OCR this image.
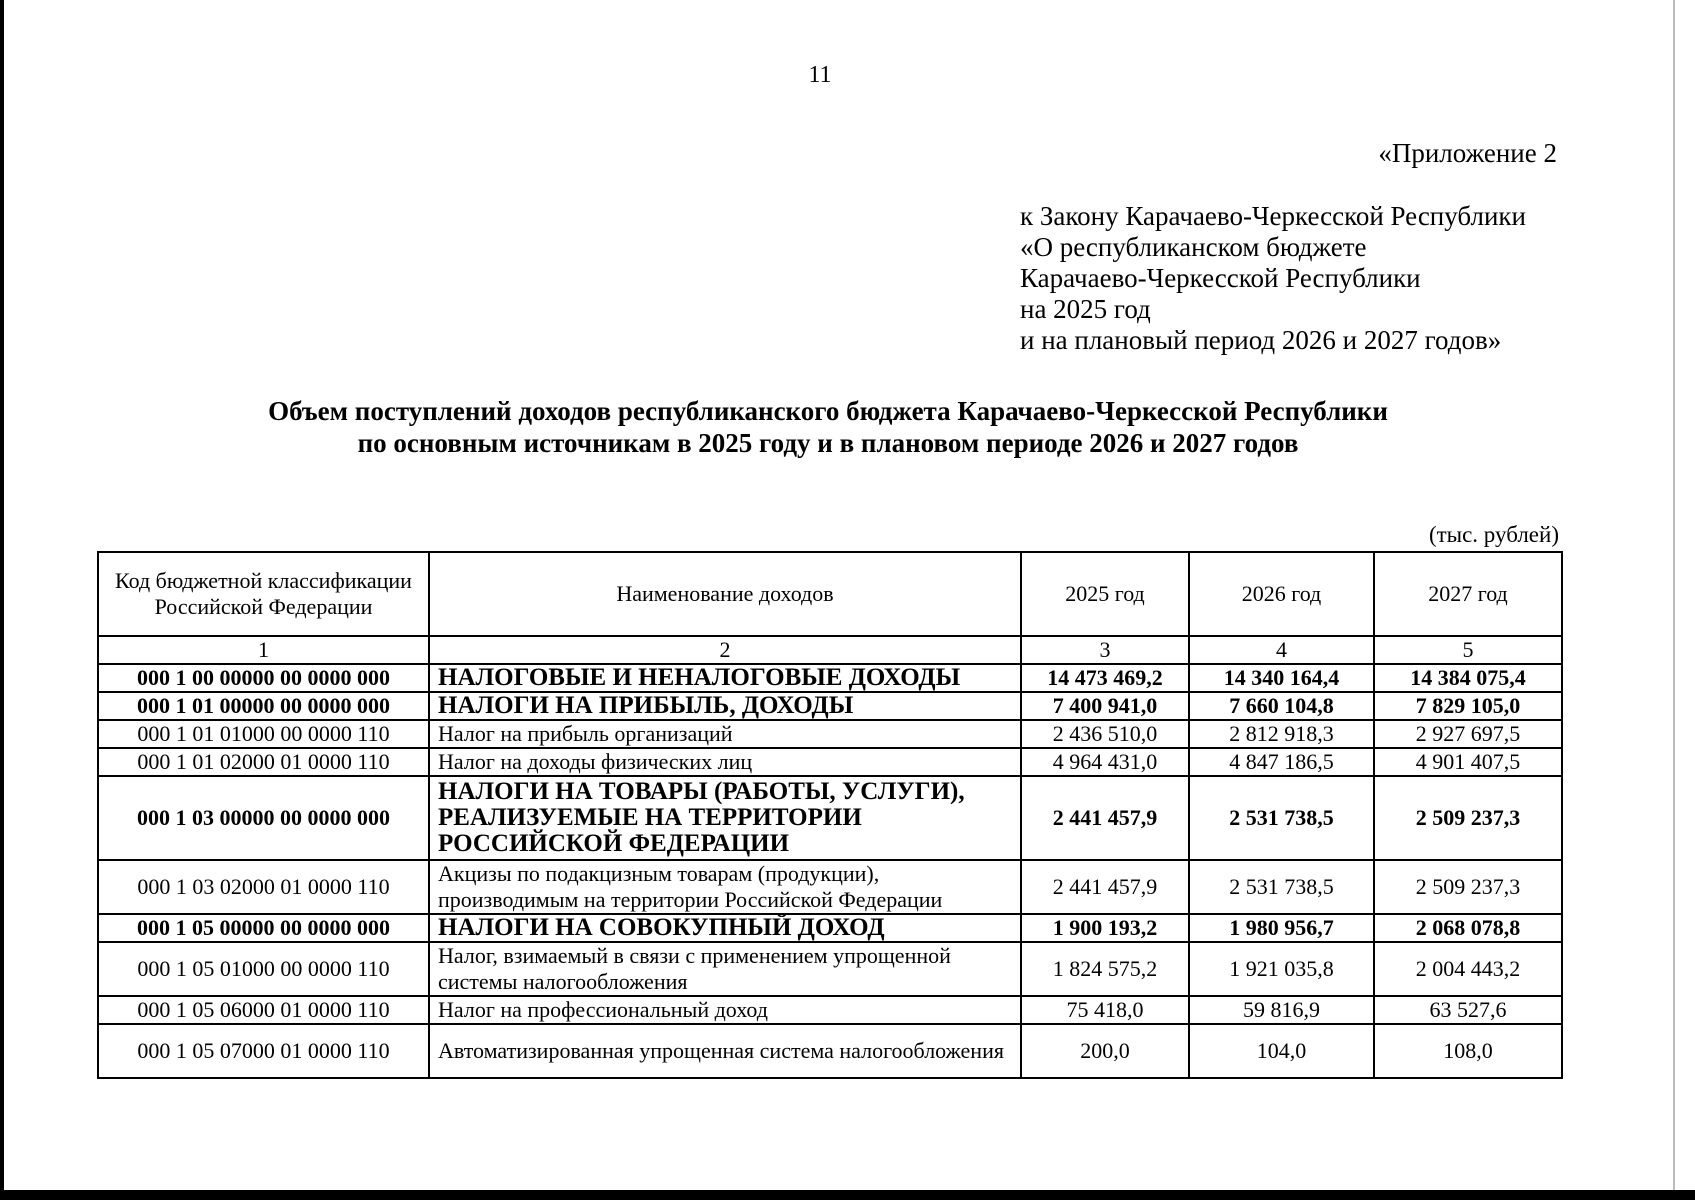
11
«Приложение 2
к Закону Карачаево-Черкесской Республики
«О республиканском бюджете
Карачаево-Черкесской Республики
на 2025 год
и на плановый период 2026 и 2027 годов»
Объем поступлений доходов республиканского бюджета Карачаево-Черкесской Республики
по основным источникам в 2025 году и в плановом периоде 2026 и 2027 годов
(тыс. рублей)
Код бюджетной классификации Российской Федерации	Наименование доходов	2025 год	2026 год	2027 год
1	2	3	4	5
000 1 00 00000 00 0000 000	НАЛОГОВЫЕ И НЕНАЛОГОВЫЕ ДОХОДЫ	14 473 469,2	14 340 164,4	14 384 075,4
000 1 01 00000 00 0000 000	НАЛОГИ НА ПРИБЫЛЬ, ДОХОДЫ	7 400 941,0	7 660 104,8	7 829 105,0
000 1 01 01000 00 0000 110	Налог на прибыль организаций	2 436 510,0	2 812 918,3	2 927 697,5
000 1 01 02000 01 0000 110	Налог на доходы физических лиц	4 964 431,0	4 847 186,5	4 901 407,5
000 1 03 00000 00 0000 000	НАЛОГИ НА ТОВАРЫ (РАБОТЫ, УСЛУГИ), РЕАЛИЗУЕМЫЕ НА ТЕРРИТОРИИ РОССИЙСКОЙ ФЕДЕРАЦИИ	2 441 457,9	2 531 738,5	2 509 237,3
000 1 03 02000 01 0000 110	Акцизы по подакцизным товарам (продукции), производимым на территории Российской Федерации	2 441 457,9	2 531 738,5	2 509 237,3
000 1 05 00000 00 0000 000	НАЛОГИ НА СОВОКУПНЫЙ ДОХОД	1 900 193,2	1 980 956,7	2 068 078,8
000 1 05 01000 00 0000 110	Налог, взимаемый в связи с применением упрощенной системы налогообложения	1 824 575,2	1 921 035,8	2 004 443,2
000 1 05 06000 01 0000 110	Налог на профессиональный доход	75 418,0	59 816,9	63 527,6
000 1 05 07000 01 0000 110	Автоматизированная упрощенная система налогообложения	200,0	104,0	108,0
